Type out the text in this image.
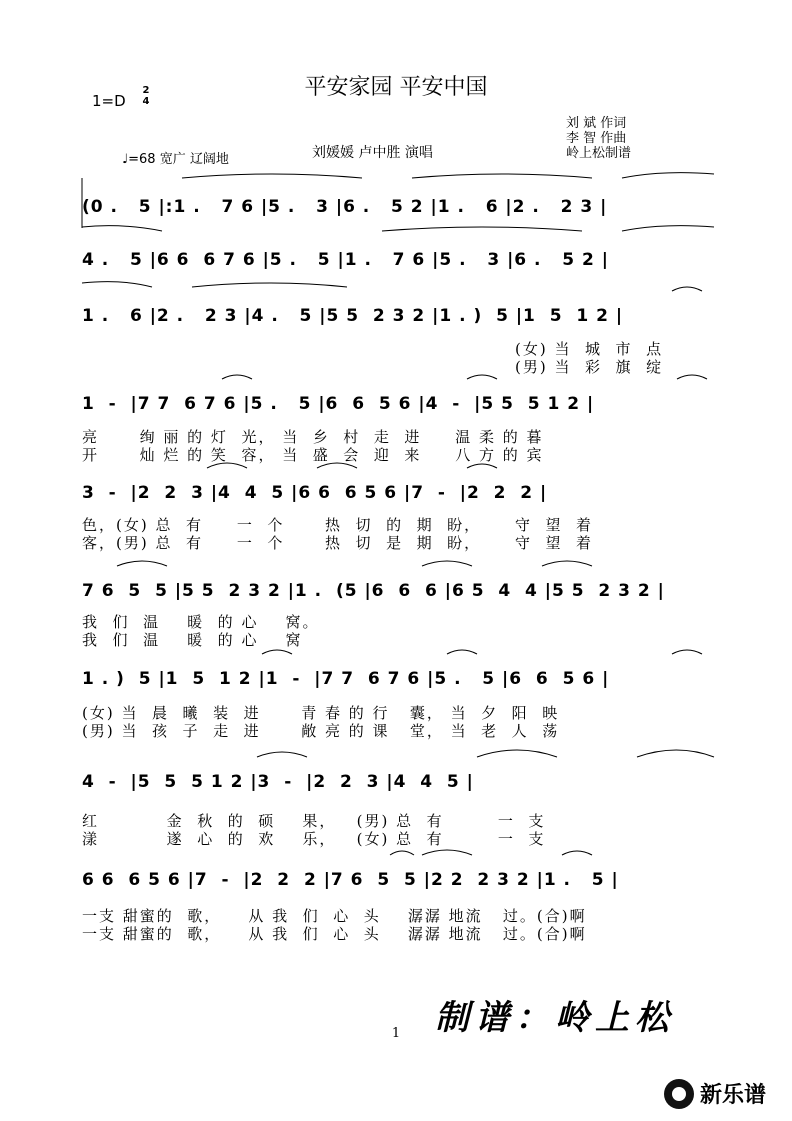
1=D
2
4
平安家园 平安中国
♩=68 宽广 辽阔地	刘媛媛 卢中胜 演唱
刘 斌 作词
李 智 作曲
岭上松制谱
(0 .   5 |:1 .   7 6 |5 .   3 |6 .   5 2 |1 .   6 |2 .   2 3 |
4 .   5 |6 6  6 7 6 |5 .   5 |1 .   7 6 |5 .   3 |6 .   5 2 |
1 .   6 |2 .   2 3 |4 .   5 |5 5  2 3 2 |1 . )  5 |1  5  1 2 |
(女) 当  城  市  点
(男) 当  彩  旗  绽
1  -  |7 7  6 7 6 |5 .   5 |6  6  5 6 |4  -  |5 5  5 1 2 |
亮      绚 丽 的 灯  光， 当  乡  村  走  进     温 柔 的 暮
开      灿 烂 的 笑  容， 当  盛  会  迎  来     八 方 的 宾
3  -  |2  2  3 |4  4  5 |6 6  6 5 6 |7  -  |2  2  2 |
色，(女) 总  有     一  个      热  切  的  期  盼，     守  望  着
客，(男) 总  有     一  个      热  切  是  期  盼，     守  望  着
7 6  5  5 |5 5  2 3 2 |1 .  (5 |6  6  6 |6 5  4  4 |5 5  2 3 2 |
我  们  温    暖  的 心    窝。
我  们  温    暖  的 心    窝
1 . )  5 |1  5  1 2 |1  -  |7 7  6 7 6 |5 .   5 |6  6  5 6 |
(女) 当  晨  曦  装  进      青 春 的 行   囊， 当  夕  阳  映
(男) 当  孩  子  走  进      敞 亮 的 课   堂， 当  老  人  荡
4  -  |5  5  5 1 2 |3  -  |2  2  3 |4  4  5 |
红          金  秋  的  硕    果，   (男) 总  有        一  支
漾          遂  心  的  欢    乐，   (女) 总  有        一  支
6 6  6 5 6 |7  -  |2  2  2 |7 6  5  5 |2 2  2 3 2 |1 .   5 |
一支 甜蜜的  歌，    从 我  们  心  头    潺潺 地流   过。(合)啊
一支 甜蜜的  歌，    从 我  们  心  头    潺潺 地流   过。(合)啊
制谱：岭上松
1
新乐谱
